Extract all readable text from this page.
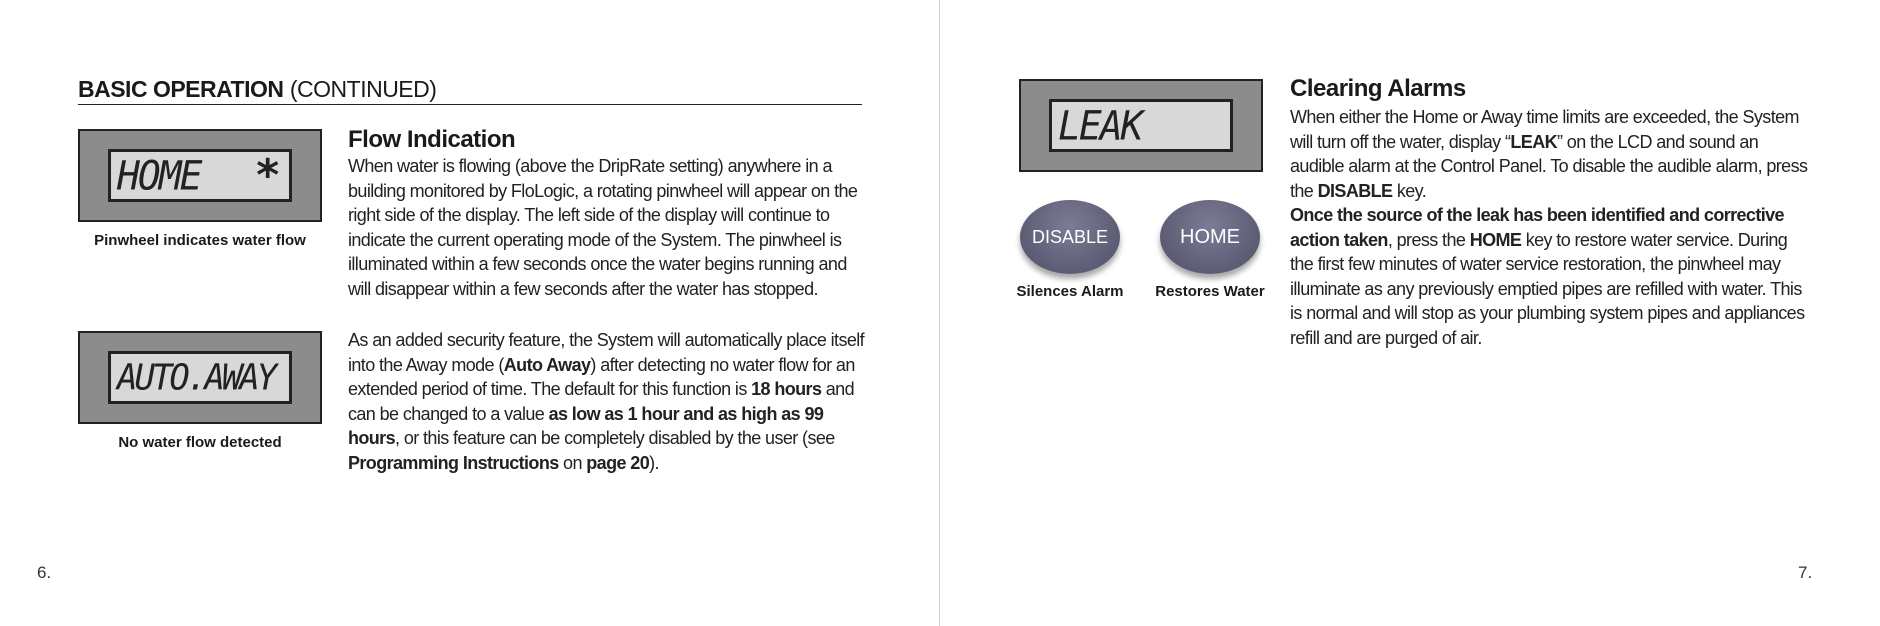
BASIC OPERATION (CONTINUED)
HOME *
Pinwheel indicates water flow
AUTO.AWAY
No water flow detected
Flow Indication
When water is flowing (above the DripRate setting) anywhere in a building monitored by FloLogic, a rotating pinwheel will appear on the right side of the display. The left side of the display will continue to indicate the current operating mode of the System. The pinwheel is illuminated within a few seconds once the water begins running and will disappear within a few seconds after the water has stopped.
As an added security feature, the System will automatically place itself into the Away mode (Auto Away) after detecting no water flow for an extended period of time. The default for this function is 18 hours and can be changed to a value as low as 1 hour and as high as 99 hours, or this feature can be completely disabled by the user (see Programming Instructions on page 20).
6.
LEAK
DISABLE	HOME
Silences Alarm	Restores Water
Clearing Alarms
When either the Home or Away time limits are exceeded, the System will turn off the water, display “LEAK” on the LCD and sound an audible alarm at the Control Panel. To disable the audible alarm, press the DISABLE key.
Once the source of the leak has been identified and corrective action taken, press the HOME key to restore water service. During the first few minutes of water service restoration, the pinwheel may illuminate as any previously emptied pipes are refilled with water. This is normal and will stop as your plumbing system pipes and appliances refill and are purged of air.
7.
